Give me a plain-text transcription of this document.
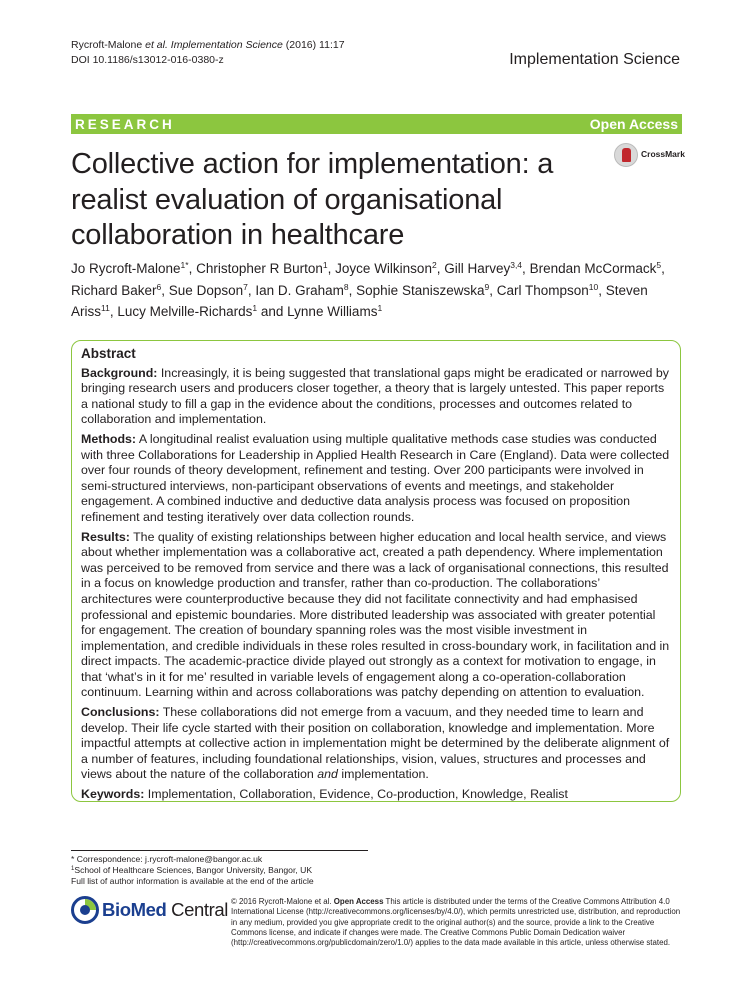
Rycroft-Malone et al. Implementation Science (2016) 11:17
DOI 10.1186/s13012-016-0380-z	Implementation Science
RESEARCH	Open Access
Collective action for implementation: a realist evaluation of organisational collaboration in healthcare
CrossMark
Jo Rycroft-Malone$^{1*}$, Christopher R Burton$^1$, Joyce Wilkinson$^2$, Gill Harvey$^{3,4}$, Brendan McCormack$^5$, Richard Baker$^6$, Sue Dopson$^7$, Ian D. Graham$^8$, Sophie Staniszewska$^9$, Carl Thompson$^{10}$, Steven Ariss$^{11}$, Lucy Melville-Richards$^1$ and Lynne Williams$^1$
Abstract

Background: Increasingly, it is being suggested that translational gaps might be eradicated or narrowed by bringing research users and producers closer together, a theory that is largely untested. This paper reports a national study to fill a gap in the evidence about the conditions, processes and outcomes related to collaboration and implementation.

Methods: A longitudinal realist evaluation using multiple qualitative methods case studies was conducted with three Collaborations for Leadership in Applied Health Research in Care (England). Data were collected over four rounds of theory development, refinement and testing. Over 200 participants were involved in semi-structured interviews, non-participant observations of events and meetings, and stakeholder engagement. A combined inductive and deductive data analysis process was focused on proposition refinement and testing iteratively over data collection rounds.

Results: The quality of existing relationships between higher education and local health service, and views about whether implementation was a collaborative act, created a path dependency. Where implementation was perceived to be removed from service and there was a lack of organisational connections, this resulted in a focus on knowledge production and transfer, rather than co-production. The collaborations’ architectures were counterproductive because they did not facilitate connectivity and had emphasised professional and epistemic boundaries. More distributed leadership was associated with greater potential for engagement. The creation of boundary spanning roles was the most visible investment in implementation, and credible individuals in these roles resulted in cross-boundary work, in facilitation and in direct impacts. The academic-practice divide played out strongly as a context for motivation to engage, in that ‘what’s in it for me’ resulted in variable levels of engagement along a co-operation-collaboration continuum. Learning within and across collaborations was patchy depending on attention to evaluation.

Conclusions: These collaborations did not emerge from a vacuum, and they needed time to learn and develop. Their life cycle started with their position on collaboration, knowledge and implementation. More impactful attempts at collective action in implementation might be determined by the deliberate alignment of a number of features, including foundational relationships, vision, values, structures and processes and views about the nature of the collaboration and implementation.

Keywords: Implementation, Collaboration, Evidence, Co-production, Knowledge, Realist

* Correspondence: j.rycroft-malone@bangor.ac.uk
$^1$School of Healthcare Sciences, Bangor University, Bangor, UK
Full list of author information is available at the end of the article
BioMed Central © 2016 Rycroft-Malone et al. Open Access This article is distributed under the terms of the Creative Commons Attribution 4.0 International License (http://creativecommons.org/licenses/by/4.0/), which permits unrestricted use, distribution, and reproduction in any medium, provided you give appropriate credit to the original author(s) and the source, provide a link to the Creative Commons license, and indicate if changes were made. The Creative Commons Public Domain Dedication waiver (http://creativecommons.org/publicdomain/zero/1.0/) applies to the data made available in this article, unless otherwise stated.
